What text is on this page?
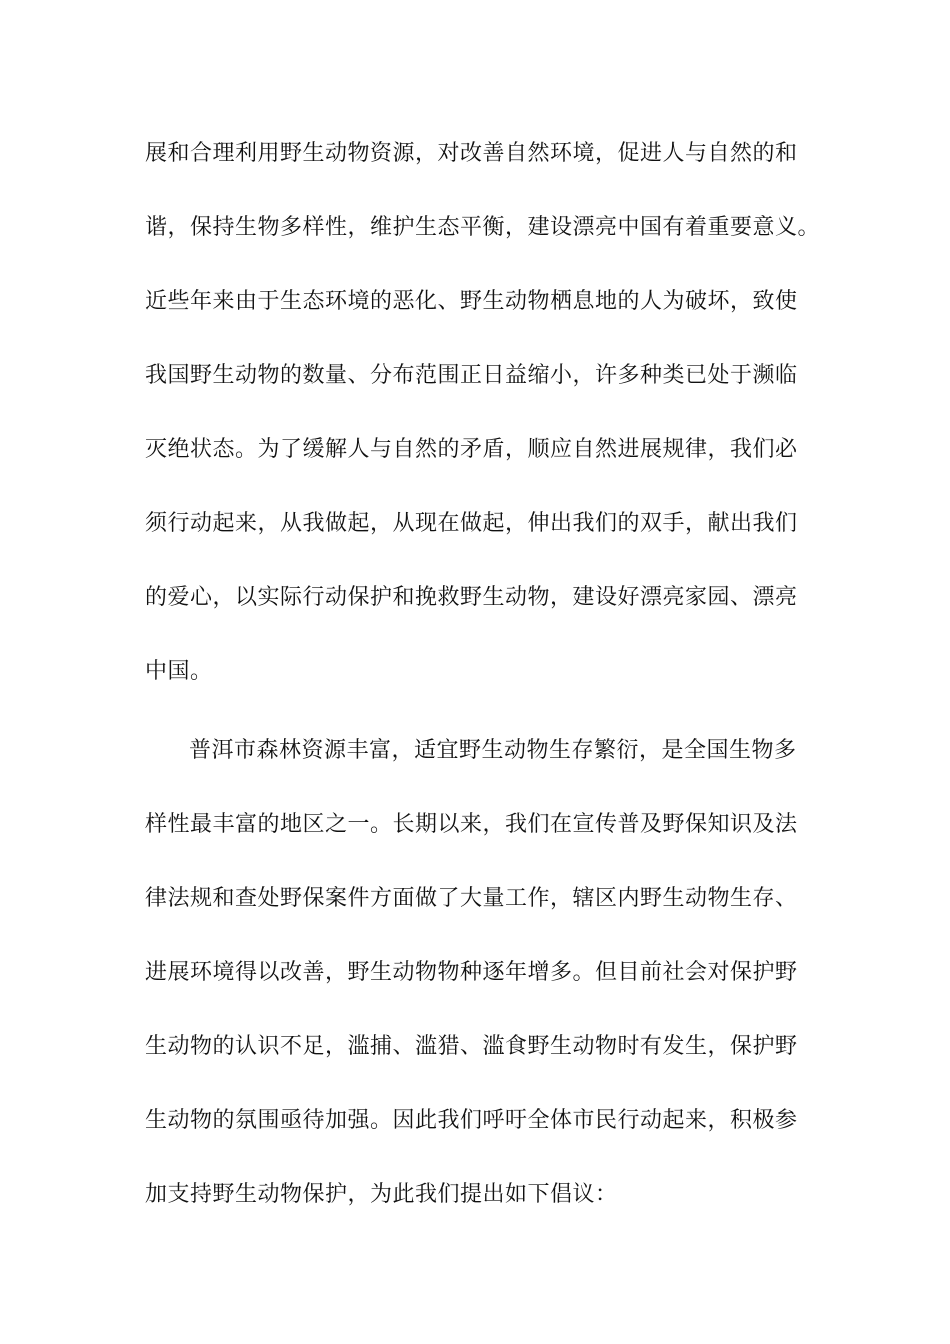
展和合理利用野生动物资源，对改善自然环境，促进人与自然的和
谐，保持生物多样性，维护生态平衡，建设漂亮中国有着重要意义。
近些年来由于生态环境的恶化、野生动物栖息地的人为破坏，致使
我国野生动物的数量、分布范围正日益缩小，许多种类已处于濒临
灭绝状态。为了缓解人与自然的矛盾，顺应自然进展规律，我们必
须行动起来，从我做起，从现在做起，伸出我们的双手，献出我们
的爱心，以实际行动保护和挽救野生动物，建设好漂亮家园、漂亮
中国。
普洱市森林资源丰富，适宜野生动物生存繁衍，是全国生物多
样性最丰富的地区之一。长期以来，我们在宣传普及野保知识及法
律法规和查处野保案件方面做了大量工作，辖区内野生动物生存、
进展环境得以改善，野生动物物种逐年增多。但目前社会对保护野
生动物的认识不足，滥捕、滥猎、滥食野生动物时有发生，保护野
生动物的氛围亟待加强。因此我们呼吁全体市民行动起来，积极参
加支持野生动物保护，为此我们提出如下倡议：
